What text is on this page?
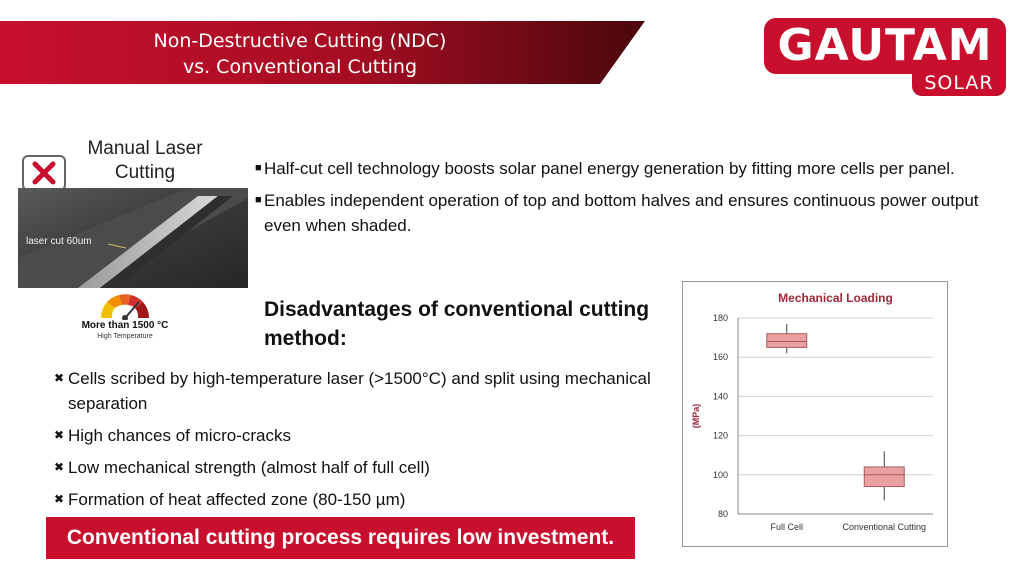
Non-Destructive Cutting (NDC)
vs. Conventional Cutting	GAUTAM
SOLAR
Manual Laser Cutting
laser cut 60um
More than 1500 °C
High Temperature
■ Half-cut cell technology boosts solar panel energy generation by fitting more cells per panel.
■ Enables independent operation of top and bottom halves and ensures continuous power output even when shaded.
Disadvantages of conventional cutting method:
✖ Cells scribed by high-temperature laser (>1500°C) and split using mechanical separation
✖ High chances of micro-cracks
✖ Low mechanical strength (almost half of full cell)
✖ Formation of heat affected zone (80-150 µm)
Conventional cutting process requires low investment.
Mechanical Loading
80
100
120
140
160
180
(MPa)
Full Cell	Conventional Cutting
